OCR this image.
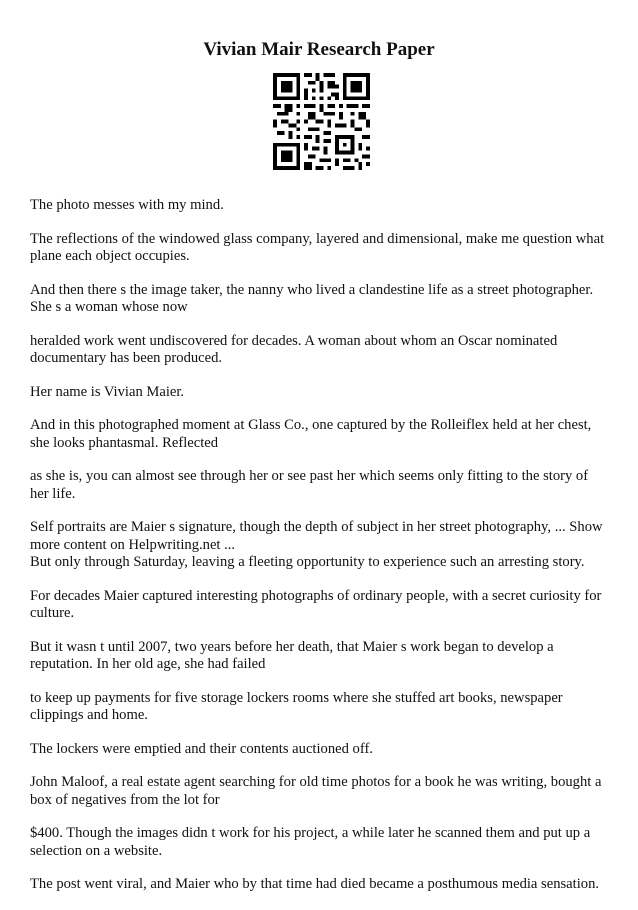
Vivian Mair Research Paper

The photo messes with my mind.

The reflections of the windowed glass company, layered and dimensional, make me question what plane each object occupies.

And then there s the image taker, the nanny who lived a clandestine life as a street photographer. She s a woman whose now

heralded work went undiscovered for decades. A woman about whom an Oscar nominated documentary has been produced.

Her name is Vivian Maier.

And in this photographed moment at Glass Co., one captured by the Rolleiflex held at her chest, she looks phantasmal. Reflected

as she is, you can almost see through her or see past her which seems only fitting to the story of her life.

Self portraits are Maier s signature, though the depth of subject in her street photography, ... Show more content on Helpwriting.net ...

But only through Saturday, leaving a fleeting opportunity to experience such an arresting story.

For decades Maier captured interesting photographs of ordinary people, with a secret curiosity for culture.

But it wasn t until 2007, two years before her death, that Maier s work began to develop a reputation. In her old age, she had failed

to keep up payments for five storage lockers rooms where she stuffed art books, newspaper clippings and home.

The lockers were emptied and their contents auctioned off.

John Maloof, a real estate agent searching for old time photos for a book he was writing, bought a box of negatives from the lot for

$400. Though the images didn t work for his project, a while later he scanned them and put up a selection on a website.

The post went viral, and Maier who by that time had died became a posthumous media sensation.
